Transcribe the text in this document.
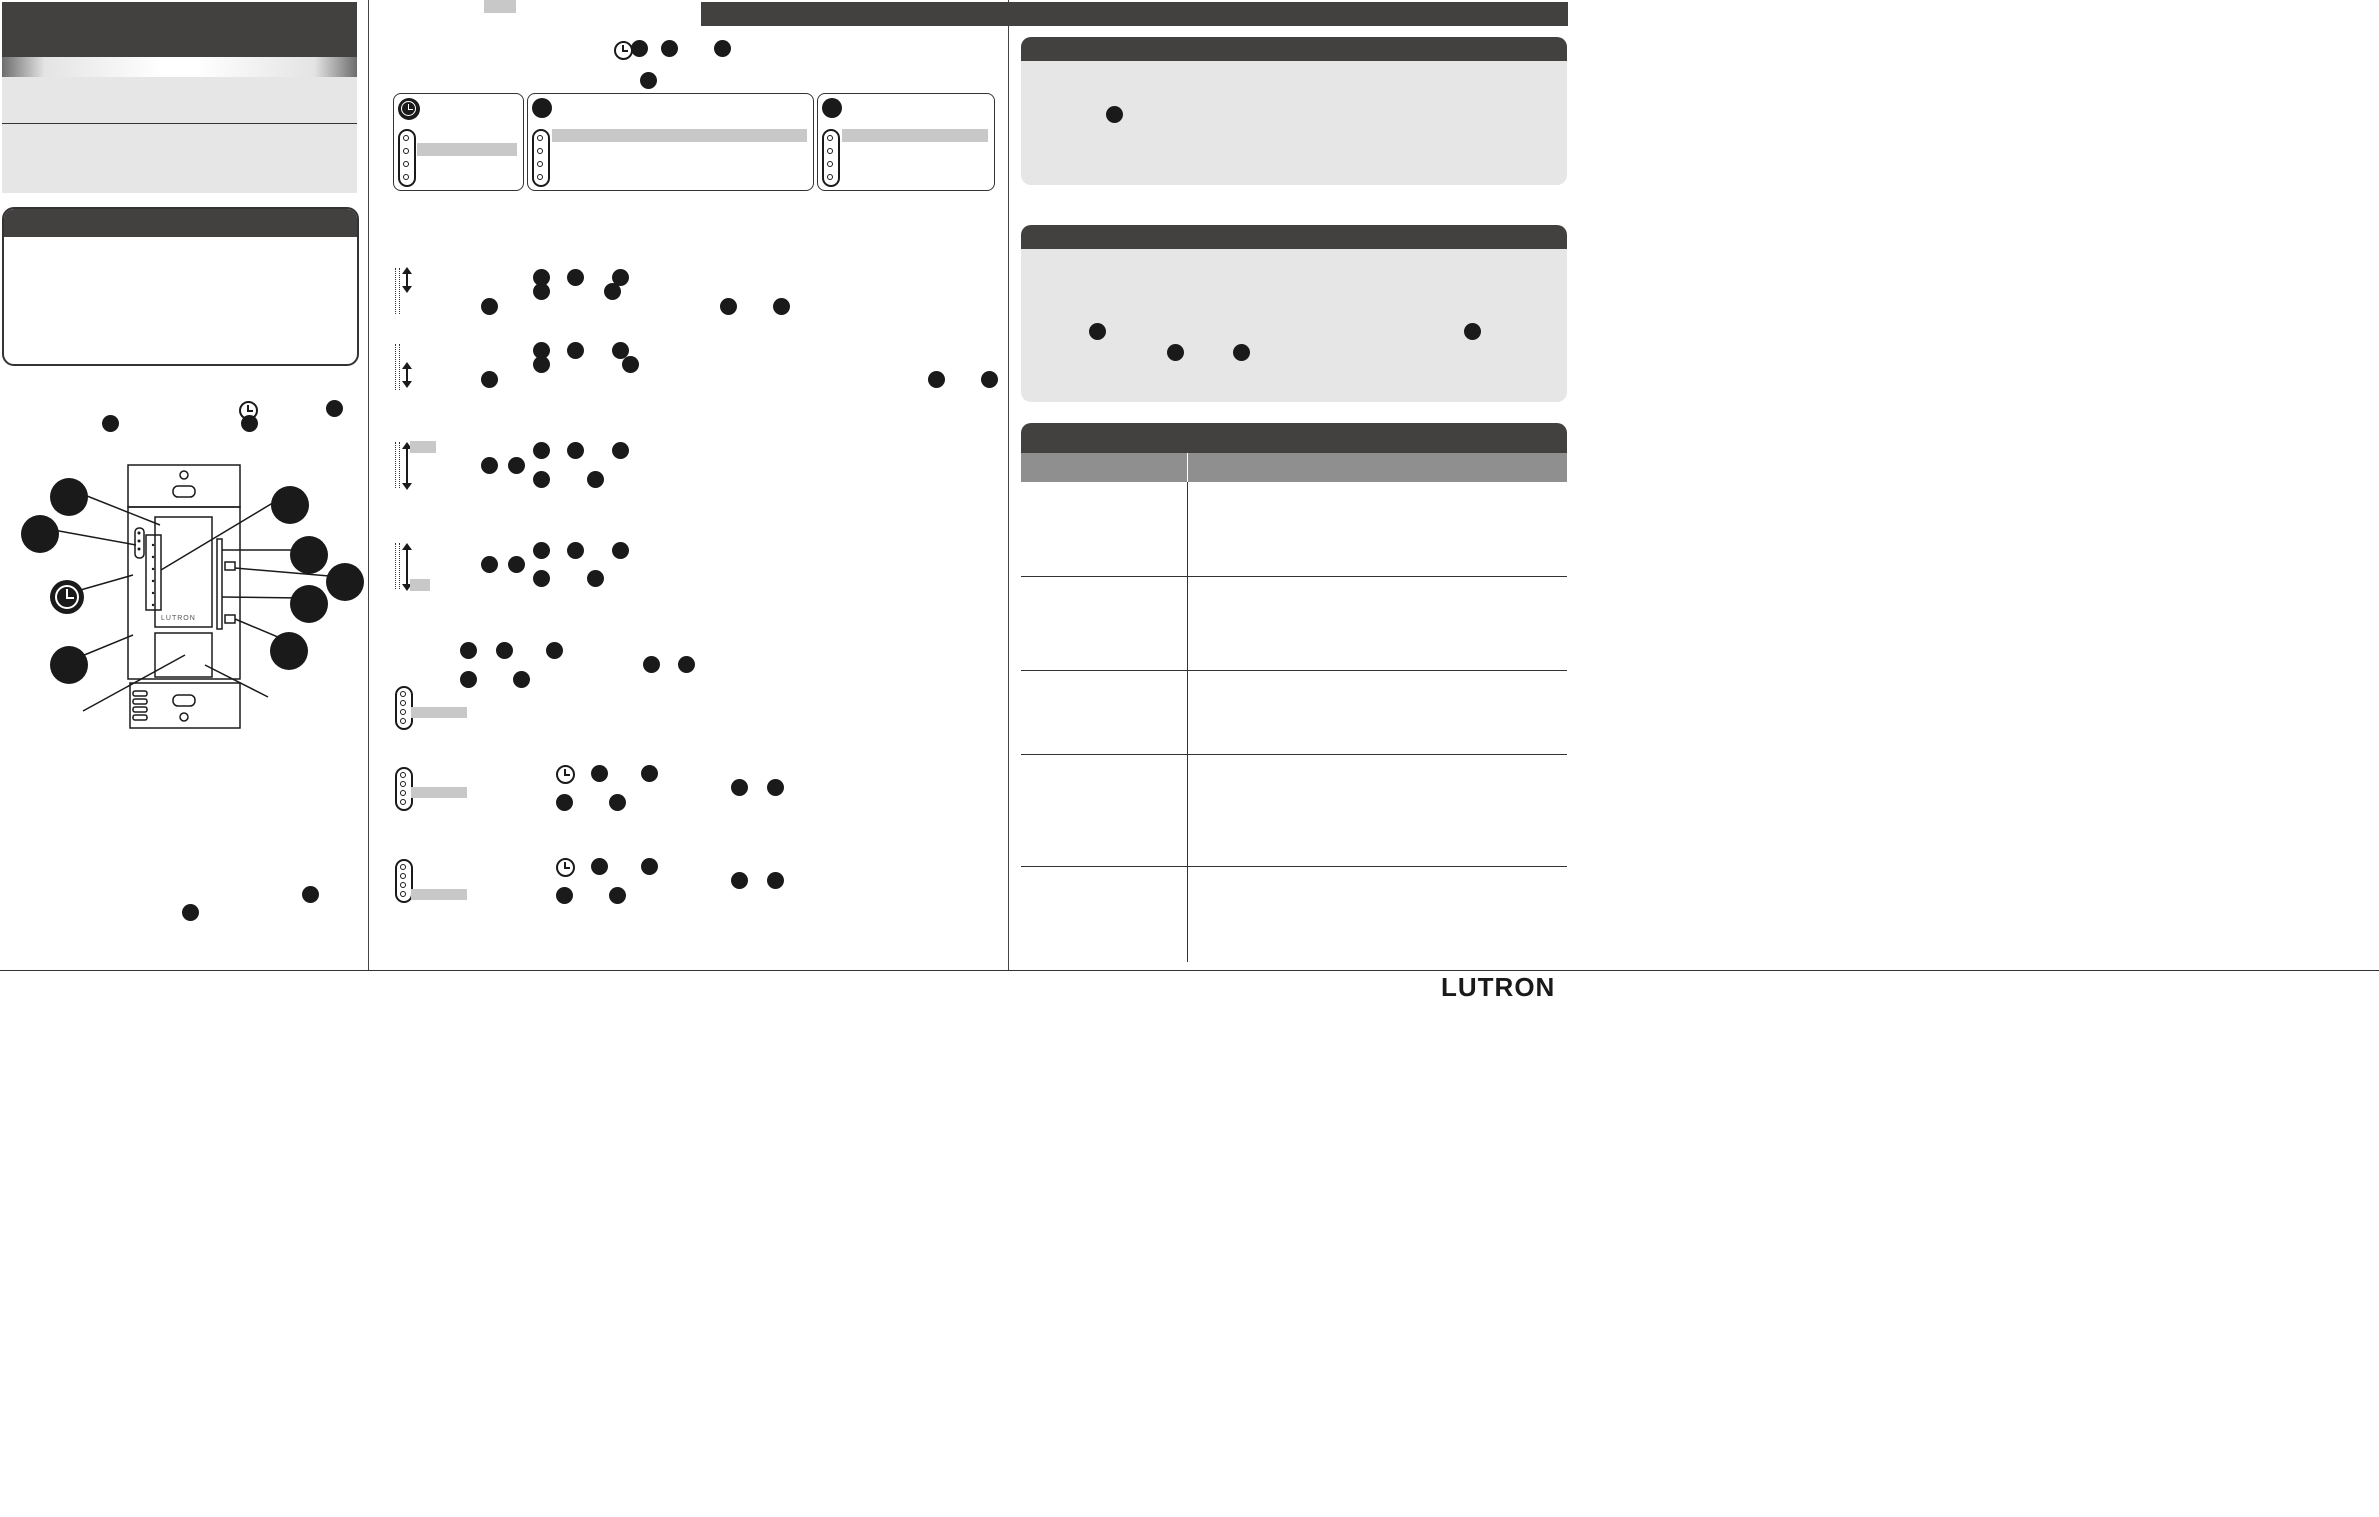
LUTRON
LUTRON
